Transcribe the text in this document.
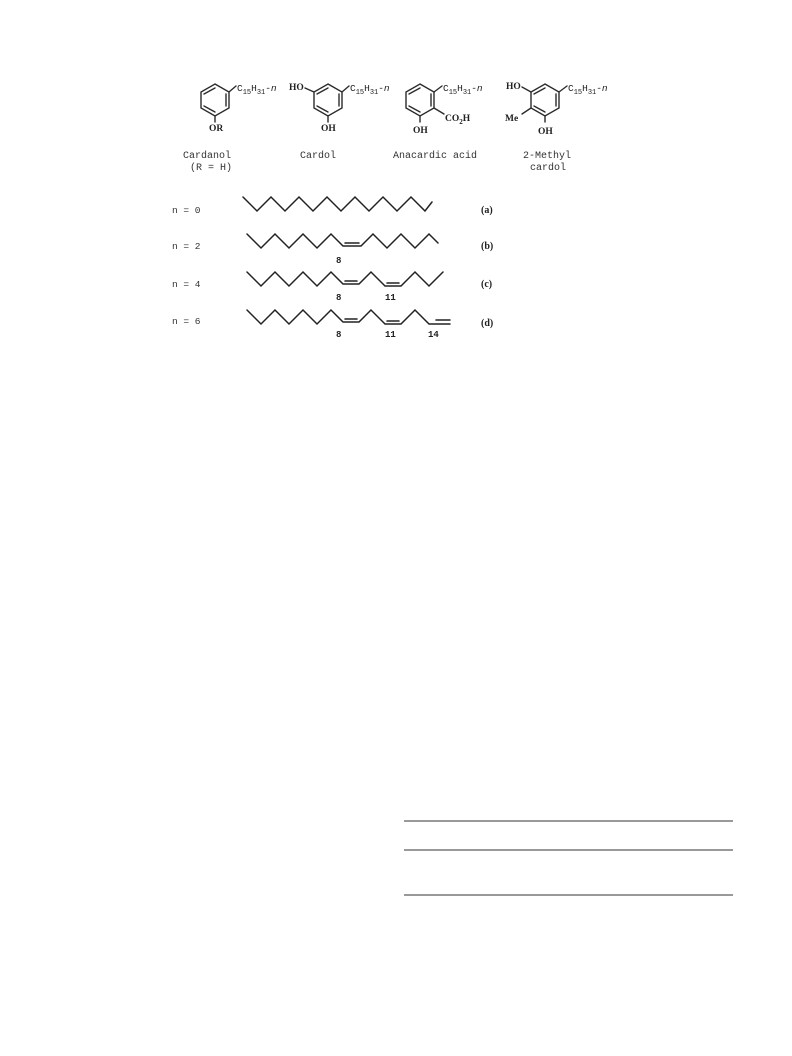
OR
$C_{15}H_{31}-n$
Cardanol
(R = H)
HO
OH
$C_{15}H_{31}-n$
Cardol
$C_{15}H_{31}-n$
$CO_2H$
OH
Anacardic acid
HO
Me
OH
$C_{15}H_{31}-n$
2-Methyl
cardol
n = 0	(a)
n = 2
8
(b)
n = 4
8	11
(c)
n = 6
8	11	14
(d)
